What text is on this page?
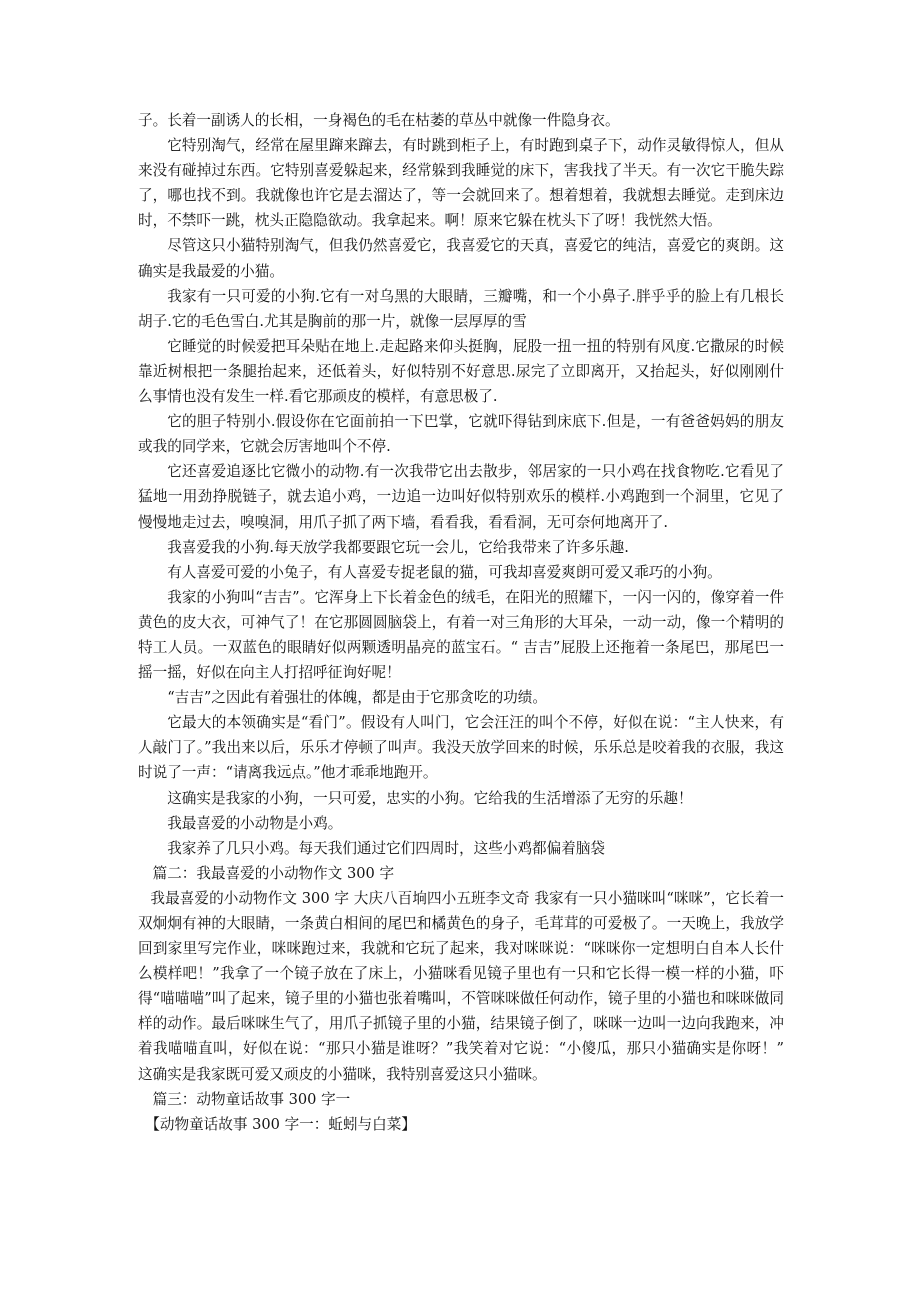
子。长着一副诱人的长相，一身褐色的毛在枯萎的草丛中就像一件隐身衣。

它特别淘气，经常在屋里蹿来蹿去，有时跳到柜子上，有时跑到桌子下，动作灵敏得惊人，但从来没有碰掉过东西。它特别喜爱躲起来，经常躲到我睡觉的床下，害我找了半天。有一次它干脆失踪了，哪也找不到。我就像也许它是去溜达了，等一会就回来了。想着想着，我就想去睡觉。走到床边时，不禁吓一跳，枕头正隐隐欲动。我拿起来。啊！原来它躲在枕头下了呀！我恍然大悟。

尽管这只小猫特别淘气，但我仍然喜爱它，我喜爱它的天真，喜爱它的纯洁，喜爱它的爽朗。这确实是我最爱的小猫。

我家有一只可爱的小狗.它有一对乌黑的大眼睛，三瓣嘴，和一个小鼻子.胖乎乎的脸上有几根长胡子.它的毛色雪白.尤其是胸前的那一片，就像一层厚厚的雪

它睡觉的时候爱把耳朵贴在地上.走起路来仰头挺胸，屁股一扭一扭的特别有风度.它撒尿的时候靠近树根把一条腿抬起来，还低着头，好似特别不好意思.尿完了立即离开，又抬起头，好似刚刚什么事情也没有发生一样.看它那顽皮的模样，有意思极了.

它的胆子特别小.假设你在它面前拍一下巴掌，它就吓得钻到床底下.但是，一有爸爸妈妈的朋友或我的同学来，它就会厉害地叫个不停.

它还喜爱追逐比它微小的动物.有一次我带它出去散步，邻居家的一只小鸡在找食物吃.它看见了猛地一用劲挣脱链子，就去追小鸡，一边追一边叫好似特别欢乐的模样.小鸡跑到一个洞里，它见了慢慢地走过去，嗅嗅洞，用爪子抓了两下墙，看看我，看看洞，无可奈何地离开了.

我喜爱我的小狗.每天放学我都要跟它玩一会儿，它给我带来了许多乐趣.

有人喜爱可爱的小兔子，有人喜爱专捉老鼠的猫，可我却喜爱爽朗可爱又乖巧的小狗。

我家的小狗叫“吉吉”。它浑身上下长着金色的绒毛，在阳光的照耀下，一闪一闪的，像穿着一件黄色的皮大衣，可神气了！在它那圆圆脑袋上，有着一对三角形的大耳朵，一动一动，像一个精明的特工人员。一双蓝色的眼睛好似两颗透明晶亮的蓝宝石。“ 吉吉”屁股上还拖着一条尾巴，那尾巴一摇一摇，好似在向主人打招呼征询好呢！

“吉吉”之因此有着强壮的体魄，都是由于它那贪吃的功绩。

它最大的本领确实是“看门”。假设有人叫门，它会汪汪的叫个不停，好似在说：“主人快来，有人敲门了。”我出来以后，乐乐才停顿了叫声。我没天放学回来的时候，乐乐总是咬着我的衣服，我这时说了一声：“请离我远点。”他才乖乖地跑开。

这确实是我家的小狗，一只可爱，忠实的小狗。它给我的生活增添了无穷的乐趣！

我最喜爱的小动物是小鸡。

我家养了几只小鸡。每天我们通过它们四周时，这些小鸡都偏着脑袋

篇二：我最喜爱的小动物作文 300 字

我最喜爱的小动物作文 300 字 大庆八百垧四小五班李文奇 我家有一只小猫咪叫“咪咪”，它长着一双炯炯有神的大眼睛，一条黄白相间的尾巴和橘黄色的身子，毛茸茸的可爱极了。一天晚上，我放学回到家里写完作业，咪咪跑过来，我就和它玩了起来，我对咪咪说：“咪咪你一定想明白自本人长什么模样吧！”我拿了一个镜子放在了床上，小猫咪看见镜子里也有一只和它长得一模一样的小猫，吓得“喵喵喵”叫了起来，镜子里的小猫也张着嘴叫，不管咪咪做任何动作，镜子里的小猫也和咪咪做同样的动作。最后咪咪生气了，用爪子抓镜子里的小猫，结果镜子倒了，咪咪一边叫一边向我跑来，冲着我喵喵直叫，好似在说：“那只小猫是谁呀？”我笑着对它说：“小傻瓜，那只小猫确实是你呀！” 这确实是我家既可爱又顽皮的小猫咪，我特别喜爱这只小猫咪。

篇三：动物童话故事 300 字一

【动物童话故事 300 字一：蚯蚓与白菜】
